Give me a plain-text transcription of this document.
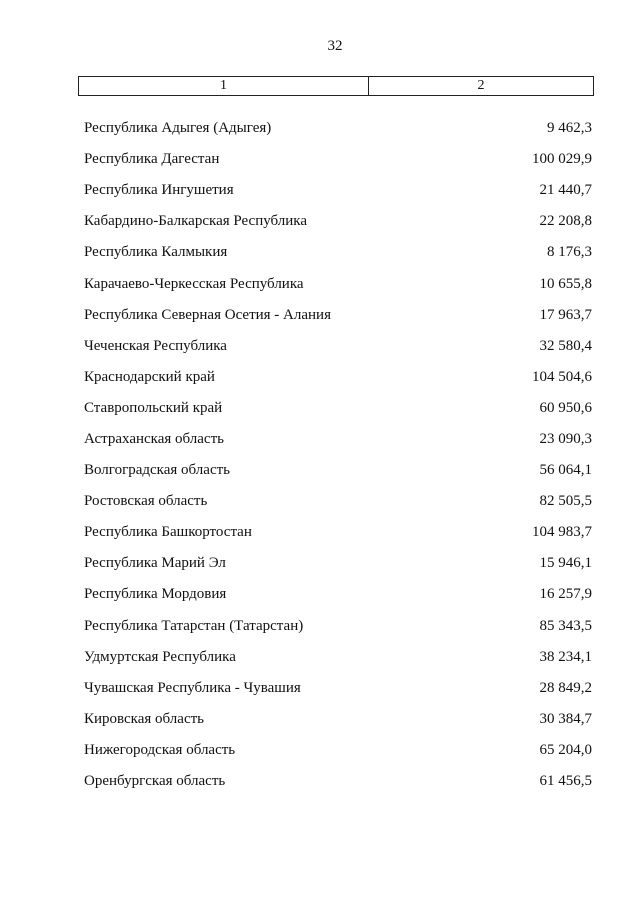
32
1	2
Республика Адыгея (Адыгея)	9 462,3
Республика Дагестан	100 029,9
Республика Ингушетия	21 440,7
Кабардино-Балкарская Республика	22 208,8
Республика Калмыкия	8 176,3
Карачаево-Черкесская Республика	10 655,8
Республика Северная Осетия - Алания	17 963,7
Чеченская Республика	32 580,4
Краснодарский край	104 504,6
Ставропольский край	60 950,6
Астраханская область	23 090,3
Волгоградская область	56 064,1
Ростовская область	82 505,5
Республика Башкортостан	104 983,7
Республика Марий Эл	15 946,1
Республика Мордовия	16 257,9
Республика Татарстан (Татарстан)	85 343,5
Удмуртская Республика	38 234,1
Чувашская Республика - Чувашия	28 849,2
Кировская область	30 384,7
Нижегородская область	65 204,0
Оренбургская область	61 456,5
